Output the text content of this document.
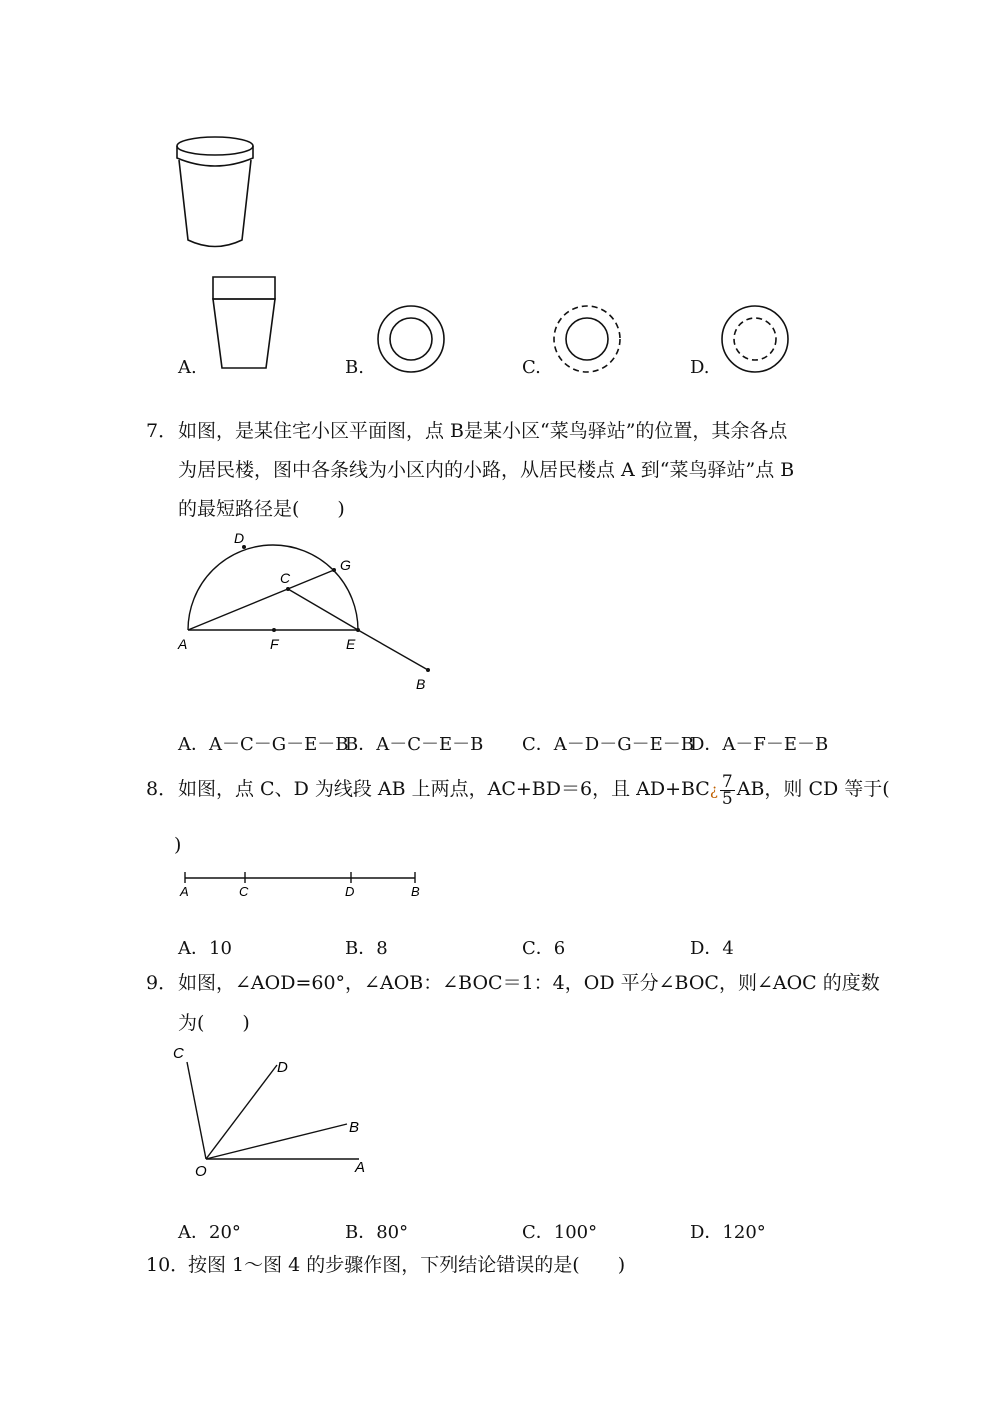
A.	B.	C.	D.
7． 如图，是某住宅小区平面图，点 B是某小区“菜鸟驿站”的位置，其余各点
为居民楼，图中各条线为小区内的小路，从居民楼点 A 到“菜鸟驿站”点 B
的最短路径是(　　)
D
C
G
A	F	E
B
A．A－C－G－E－B
B．A－C－E－B C．A－D－G－E－B
D．A－F－E－B
8． 如图，点 C、D 为线段 AB 上两点，AC+BD＝6，且 AD+BC¿ $\frac{7}{5}$ AB，则 CD 等于(
)
A	C	D	B
A．10	B．8	C．6	D．4
9． 如图，∠AOD=60°，∠AOB：∠BOC＝1：4，OD 平分∠BOC，则∠AOC 的度数
为(　　)
C
D
B
O	A
A．20°	B．80°	C．100°	D．120°
10．
按图 1～图 4 的步骤作图，下列结论错误的是(　　)
